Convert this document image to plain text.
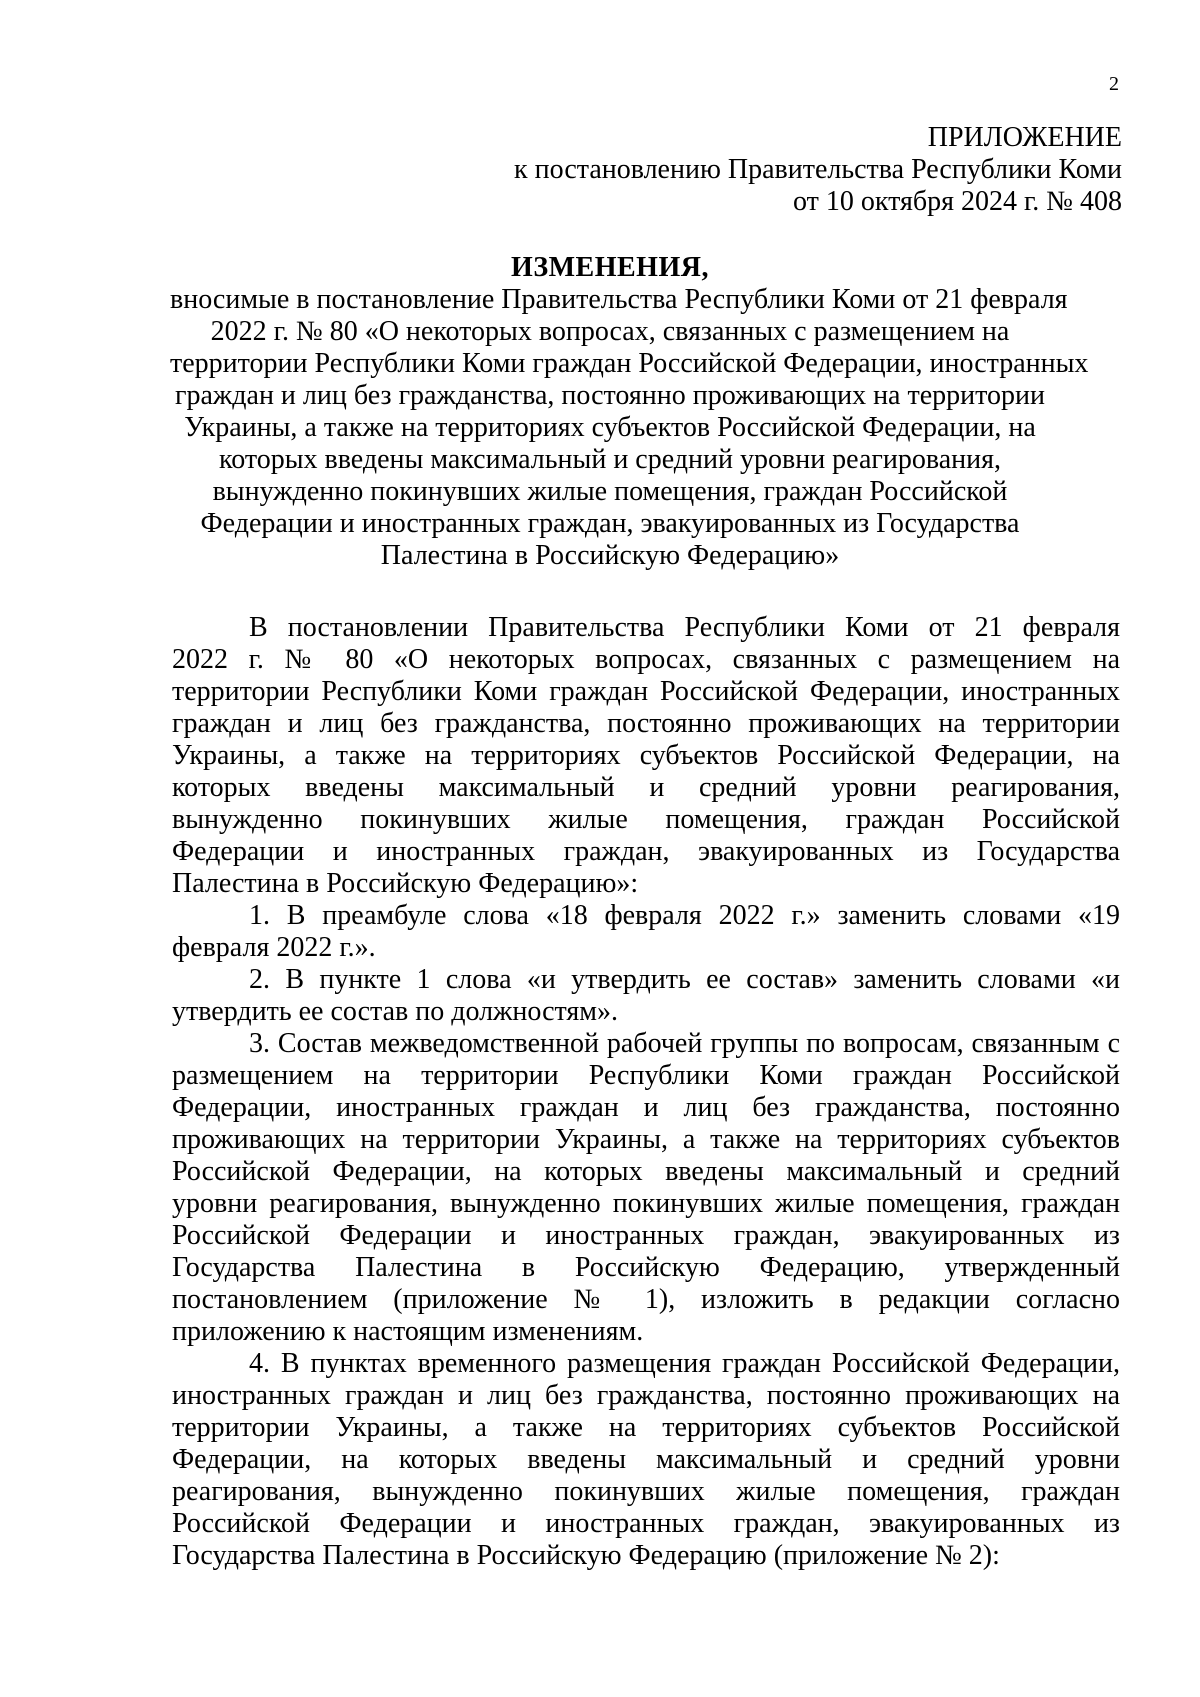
2
ПРИЛОЖЕНИЕ
к постановлению Правительства Республики Коми
от 10 октября 2024 г. № 408
ИЗМЕНЕНИЯ,
вносимые в постановление Правительства Республики Коми от 21 февраля
2022 г. № 80 «О некоторых вопросах, связанных с размещением на
территории Республики Коми граждан Российской Федерации, иностранных
граждан и лиц без гражданства, постоянно проживающих на территории
Украины, а также на территориях субъектов Российской Федерации, на
которых введены максимальный и средний уровни реагирования,
вынужденно покинувших жилые помещения, граждан Российской
Федерации и иностранных граждан, эвакуированных из Государства
Палестина в Российскую Федерацию»
В постановлении Правительства Республики Коми от 21 февраля
2022 г. № 80 «О некоторых вопросах, связанных с размещением на
территории Республики Коми граждан Российской Федерации, иностранных
граждан и лиц без гражданства, постоянно проживающих на территории
Украины, а также на территориях субъектов Российской Федерации, на
которых введены максимальный и средний уровни реагирования,
вынужденно покинувших жилые помещения, граждан Российской
Федерации и иностранных граждан, эвакуированных из Государства
Палестина в Российскую Федерацию»:
1. В преамбуле слова «18 февраля 2022 г.» заменить словами «19
февраля 2022 г.».
2. В пункте 1 слова «и утвердить ее состав» заменить словами «и
утвердить ее состав по должностям».
3. Состав межведомственной рабочей группы по вопросам, связанным с
размещением на территории Республики Коми граждан Российской
Федерации, иностранных граждан и лиц без гражданства, постоянно
проживающих на территории Украины, а также на территориях субъектов
Российской Федерации, на которых введены максимальный и средний
уровни реагирования, вынужденно покинувших жилые помещения, граждан
Российской Федерации и иностранных граждан, эвакуированных из
Государства Палестина в Российскую Федерацию, утвержденный
постановлением (приложение № 1), изложить в редакции согласно
приложению к настоящим изменениям.
4. В пунктах временного размещения граждан Российской Федерации,
иностранных граждан и лиц без гражданства, постоянно проживающих на
территории Украины, а также на территориях субъектов Российской
Федерации, на которых введены максимальный и средний уровни
реагирования, вынужденно покинувших жилые помещения, граждан
Российской Федерации и иностранных граждан, эвакуированных из
Государства Палестина в Российскую Федерацию (приложение № 2):
